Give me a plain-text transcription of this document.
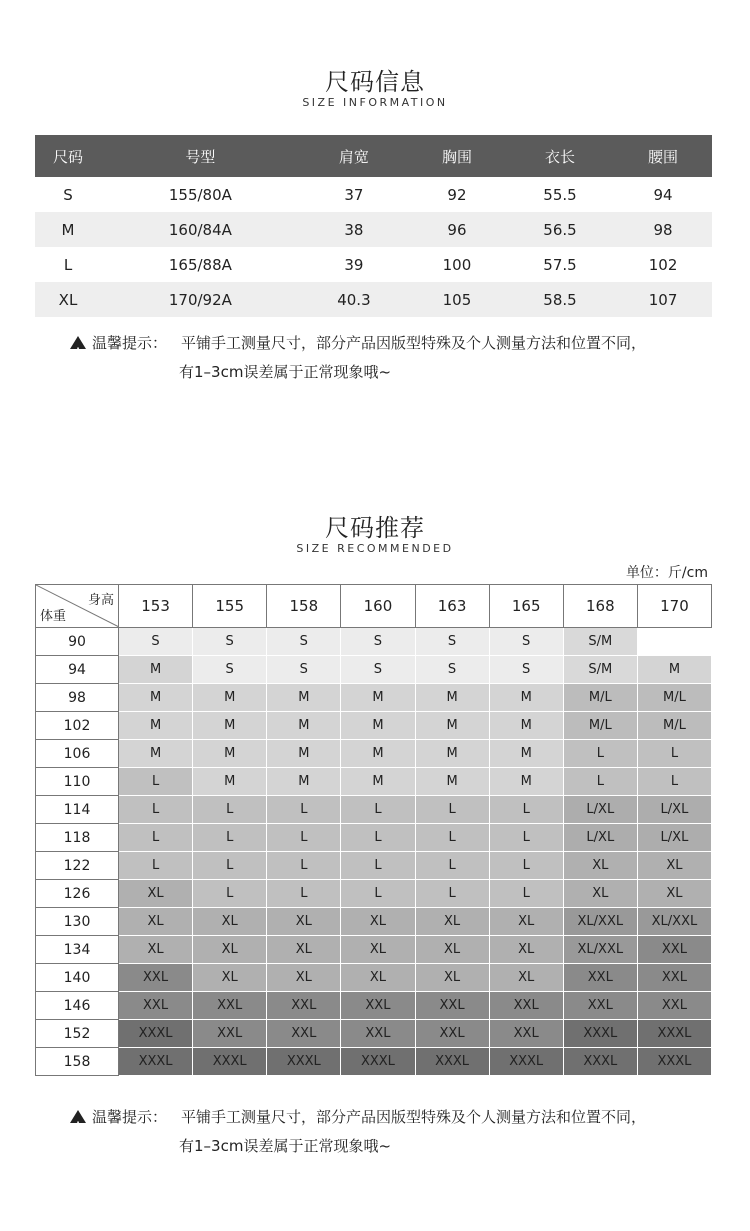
尺码信息
SIZE INFORMATION
尺码	号型	肩宽	胸围	衣长	腰围
S	155/80A	37	92	55.5	94
M	160/84A	38	96	56.5	98
L	165/88A	39	100	57.5	102
XL	170/92A	40.3	105	58.5	107
!温馨提示： 平铺手工测量尺寸，部分产品因版型特殊及个人测量方法和位置不同，
有1–3cm误差属于正常现象哦~
尺码推荐
SIZE RECOMMENDED
单位：斤/cm
身高
体重	153	155	158	160	163	165	168	170
90	S	S	S	S	S	S	S/M	
94	M	S	S	S	S	S	S/M	M
98	M	M	M	M	M	M	M/L	M/L
102	M	M	M	M	M	M	M/L	M/L
106	M	M	M	M	M	M	L	L
110	L	M	M	M	M	M	L	L
114	L	L	L	L	L	L	L/XL	L/XL
118	L	L	L	L	L	L	L/XL	L/XL
122	L	L	L	L	L	L	XL	XL
126	XL	L	L	L	L	L	XL	XL
130	XL	XL	XL	XL	XL	XL	XL/XXL	XL/XXL
134	XL	XL	XL	XL	XL	XL	XL/XXL	XXL
140	XXL	XL	XL	XL	XL	XL	XXL	XXL
146	XXL	XXL	XXL	XXL	XXL	XXL	XXL	XXL
152	XXXL	XXL	XXL	XXL	XXL	XXL	XXXL	XXXL
158	XXXL	XXXL	XXXL	XXXL	XXXL	XXXL	XXXL	XXXL
!温馨提示： 平铺手工测量尺寸，部分产品因版型特殊及个人测量方法和位置不同，
有1–3cm误差属于正常现象哦~
